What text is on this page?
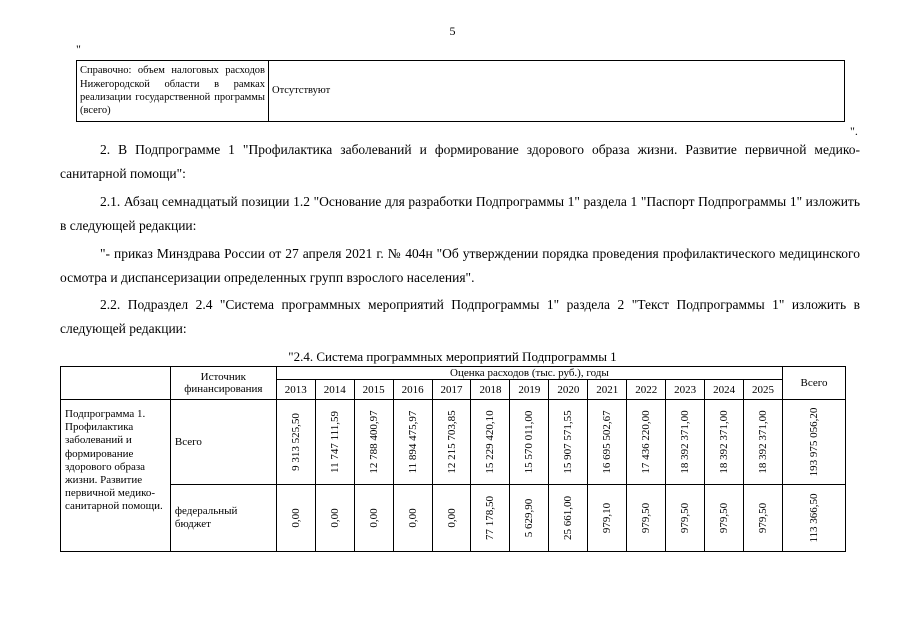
5
"
Справочно: объем налоговых расходов Нижегородской области в рамках реализации государственной программы (всего)	Отсутствуют
".
2. В Подпрограмме 1 "Профилактика заболеваний и формирование здорового образа жизни. Развитие первичной медико-санитарной помощи":
2.1. Абзац семнадцатый позиции 1.2 "Основание для разработки Подпрограммы 1" раздела 1 "Паспорт Подпрограммы 1" изложить в следующей редакции:
"- приказ Минздрава России от 27 апреля 2021 г. № 404н "Об утверждении порядка проведения профилактического медицинского осмотра и диспансеризации определенных групп взрослого населения".
2.2. Подраздел 2.4 "Система программных мероприятий Подпрограммы 1" раздела 2 "Текст Подпрограммы 1" изложить в следующей редакции:
"2.4. Система программных мероприятий Подпрограммы 1
	Источник финансирования	Оценка расходов (тыс. руб.), годы													Всего
		2013	2014	2015	2016	2017	2018	2019	2020	2021	2022	2023	2024	2025	
Подпрограмма 1. Профилактика заболеваний и формирование здорового образа жизни. Развитие первичной медико-санитарной помощи.	Всего	9 313 525,50	11 747 111,59	12 788 400,97	11 894 475,97	12 215 703,85	15 229 420,10	15 570 011,00	15 907 571,55	16 695 502,67	17 436 220,00	18 392 371,00	18 392 371,00	18 392 371,00	193 975 056,20

	федеральный бюджет	0,00	0,00	0,00	0,00	0,00	77 178,50	5 629,90	25 661,00	979,10	979,50	979,50	979,50	979,50	113 366,50
